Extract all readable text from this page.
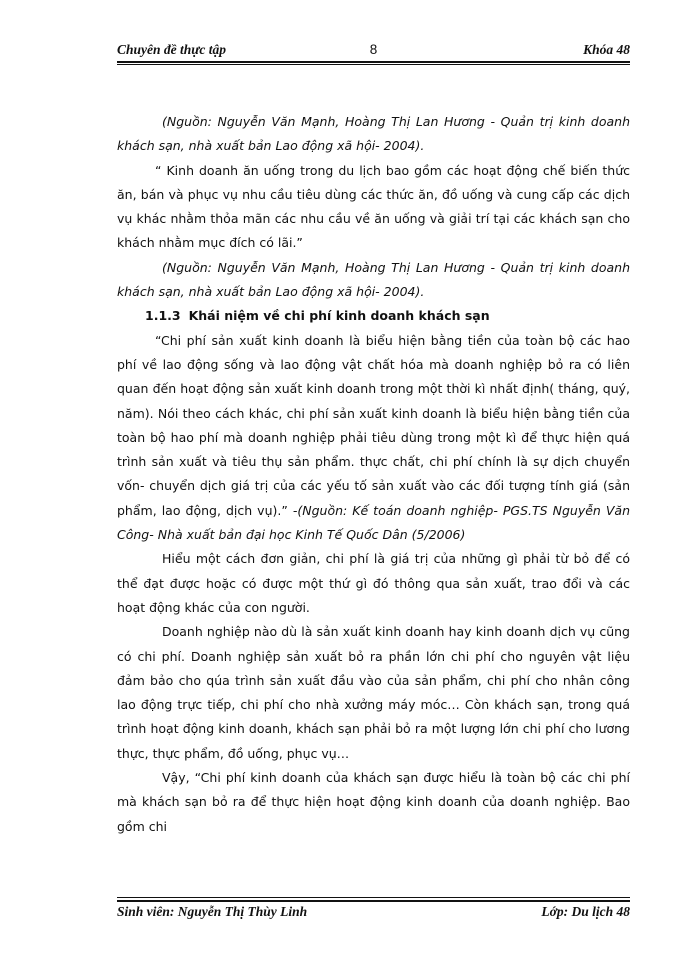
Chuyên đề thực tập	8	Khóa 48

(Nguồn: Nguyễn Văn Mạnh, Hoàng Thị Lan Hương - Quản trị kinh doanh khách sạn, nhà xuất bản Lao động xã hội- 2004).

“ Kinh doanh ăn uống trong du lịch bao gồm các hoạt động chế biến thức ăn, bán và phục vụ nhu cầu tiêu dùng các thức ăn, đồ uống và cung cấp các dịch vụ khác nhằm thỏa mãn các nhu cầu về ăn uống và giải trí tại các khách sạn cho khách nhằm mục đích có lãi.”

(Nguồn: Nguyễn Văn Mạnh, Hoàng Thị Lan Hương - Quản trị kinh doanh khách sạn, nhà xuất bản Lao động xã hội- 2004).

1.1.3 Khái niệm về chi phí kinh doanh khách sạn

“Chi phí sản xuất kinh doanh là biểu hiện bằng tiền của toàn bộ các hao phí về lao động sống và lao động vật chất hóa mà doanh nghiệp bỏ ra có liên quan đến hoạt động sản xuất kinh doanh trong một thời kì nhất định( tháng, quý, năm). Nói theo cách khác, chi phí sản xuất kinh doanh là biểu hiện bằng tiền của toàn bộ hao phí mà doanh nghiệp phải tiêu dùng trong một kì để thực hiện quá trình sản xuất và tiêu thụ sản phẩm. thực chất, chi phí chính là sự dịch chuyển vốn- chuyển dịch giá trị của các yếu tố sản xuất vào các đối tượng tính giá (sản phẩm, lao động, dịch vụ).” -(Nguồn: Kế toán doanh nghiệp- PGS.TS Nguyễn Văn Công- Nhà xuất bản đại học Kinh Tế Quốc Dân (5/2006)

Hiểu một cách đơn giản, chi phí là giá trị của những gì phải từ bỏ để có thể đạt được hoặc có được một thứ gì đó thông qua sản xuất, trao đổi và các hoạt động khác của con người.

Doanh nghiệp nào dù là sản xuất kinh doanh hay kinh doanh dịch vụ cũng có chi phí. Doanh nghiệp sản xuất bỏ ra phần lớn chi phí cho nguyên vật liệu đảm bảo cho qúa trình sản xuất đầu vào của sản phẩm, chi phí cho nhân công lao động trực tiếp, chi phí cho nhà xưởng máy móc… Còn khách sạn, trong quá trình hoạt động kinh doanh, khách sạn phải bỏ ra một lượng lớn chi phí cho lương thực, thực phẩm, đồ uống, phục vụ…

Vậy, “Chi phí kinh doanh của khách sạn được hiểu là toàn bộ các chi phí mà khách sạn bỏ ra để thực hiện hoạt động kinh doanh của doanh nghiệp. Bao gồm chi

Sinh viên: Nguyễn Thị Thùy Linh	Lớp: Du lịch 48
